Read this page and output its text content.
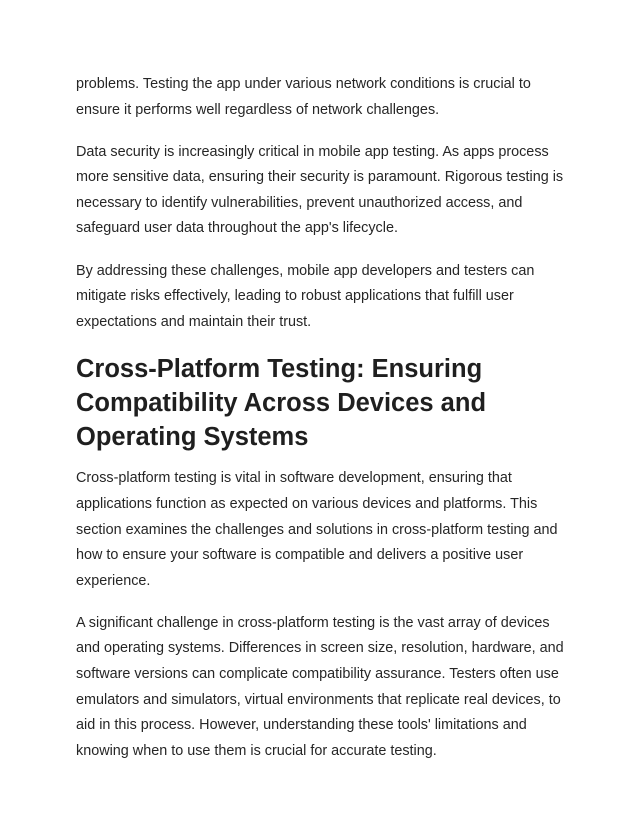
problems. Testing the app under various network conditions is crucial to ensure it performs well regardless of network challenges.

Data security is increasingly critical in mobile app testing. As apps process more sensitive data, ensuring their security is paramount. Rigorous testing is necessary to identify vulnerabilities, prevent unauthorized access, and safeguard user data throughout the app's lifecycle.

By addressing these challenges, mobile app developers and testers can mitigate risks effectively, leading to robust applications that fulfill user expectations and maintain their trust.

Cross-Platform Testing: Ensuring Compatibility Across Devices and Operating Systems

Cross-platform testing is vital in software development, ensuring that applications function as expected on various devices and platforms. This section examines the challenges and solutions in cross-platform testing and how to ensure your software is compatible and delivers a positive user experience.

A significant challenge in cross-platform testing is the vast array of devices and operating systems. Differences in screen size, resolution, hardware, and software versions can complicate compatibility assurance. Testers often use emulators and simulators, virtual environments that replicate real devices, to aid in this process. However, understanding these tools' limitations and knowing when to use them is crucial for accurate testing.
